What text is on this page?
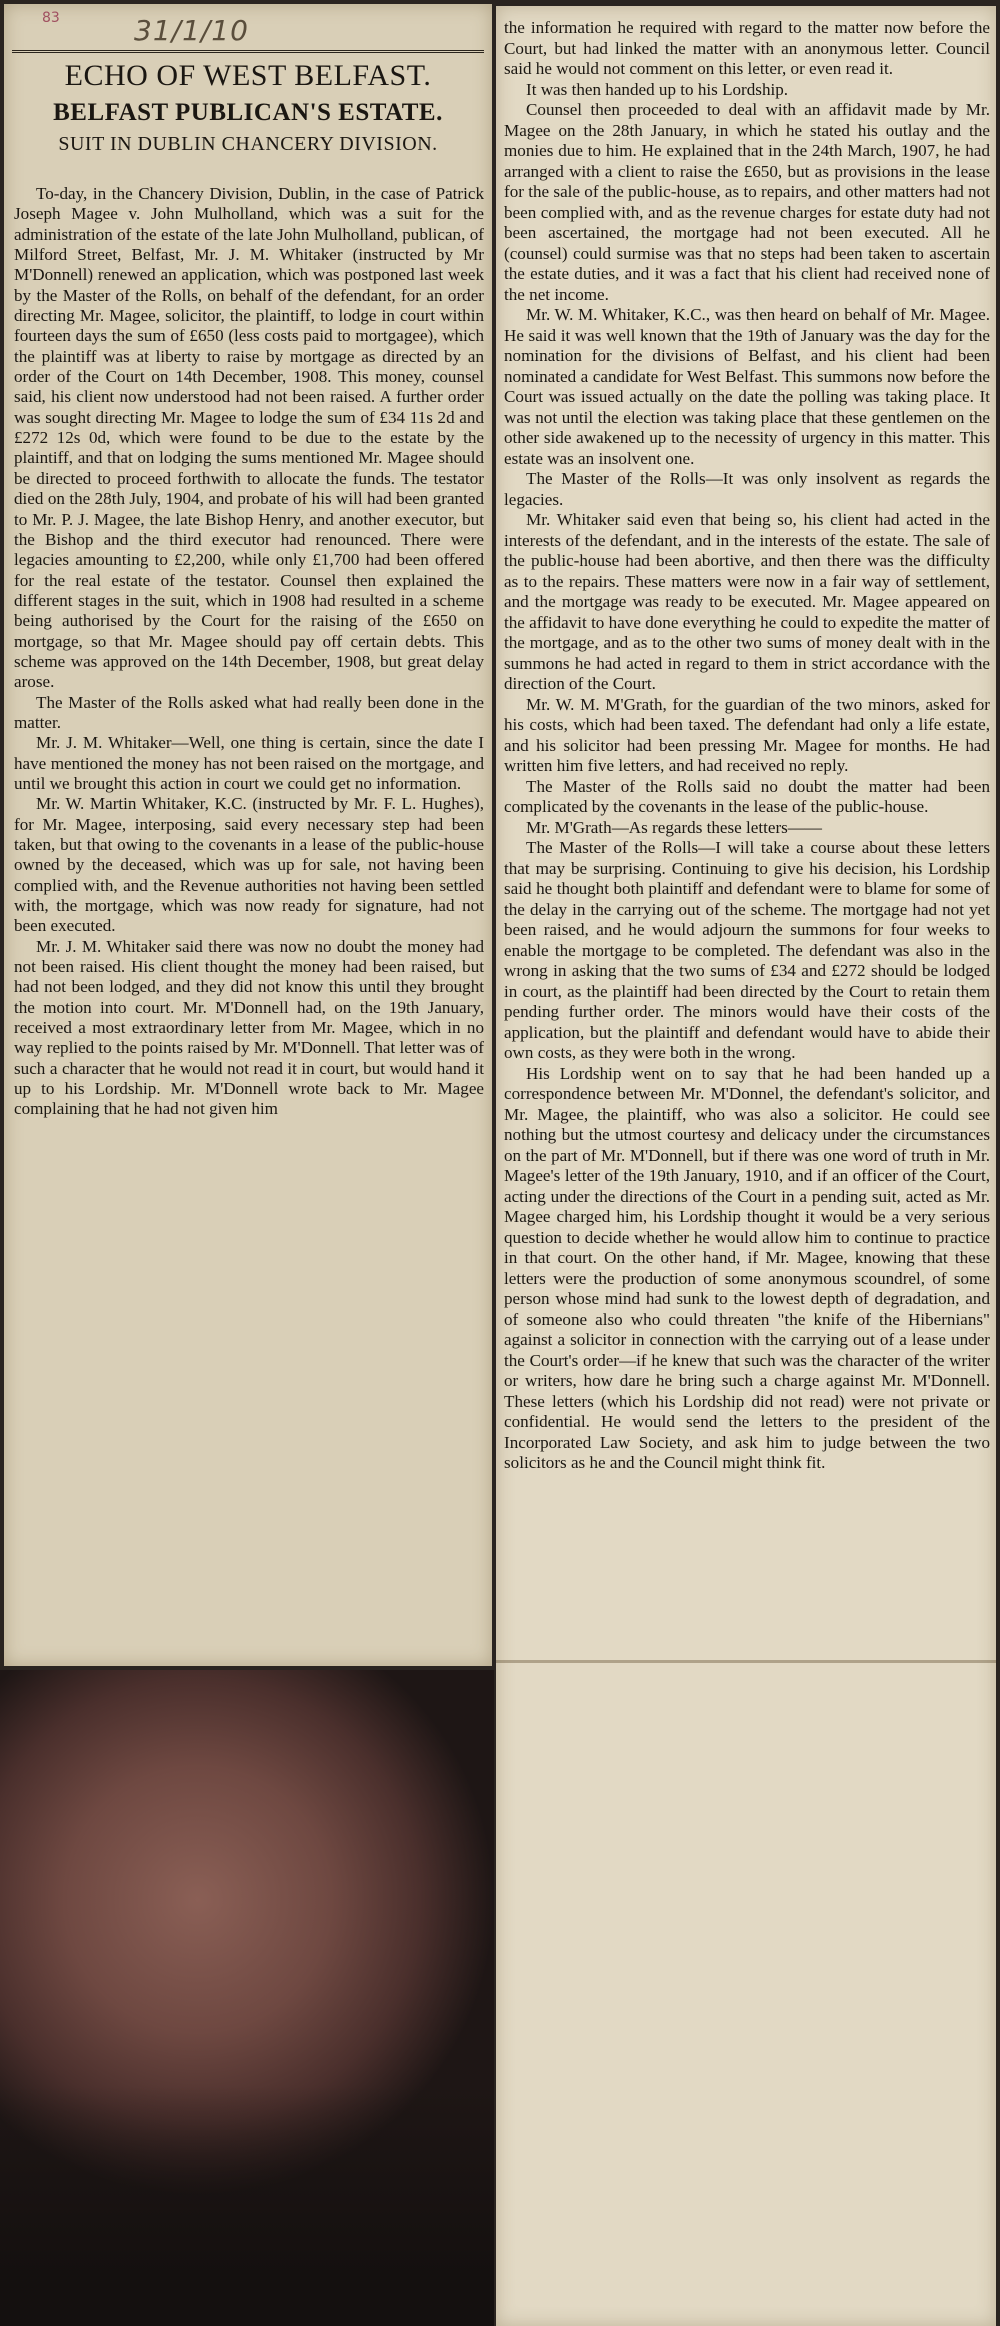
83	31/1/10
ECHO OF WEST BELFAST.
BELFAST PUBLICAN'S ESTATE.
SUIT IN DUBLIN CHANCERY DIVISION.

To-day, in the Chancery Division, Dublin, in the case of Patrick Joseph Magee v. John Mulholland, which was a suit for the administration of the estate of the late John Mulholland, publican, of Milford Street, Belfast, Mr. J. M. Whitaker (instructed by Mr M'Donnell) renewed an application, which was postponed last week by the Master of the Rolls, on behalf of the defendant, for an order directing Mr. Magee, solicitor, the plaintiff, to lodge in court within fourteen days the sum of £650 (less costs paid to mortgagee), which the plaintiff was at liberty to raise by mortgage as directed by an order of the Court on 14th December, 1908. This money, counsel said, his client now understood had not been raised. A further order was sought directing Mr. Magee to lodge the sum of £34 11s 2d and £272 12s 0d, which were found to be due to the estate by the plaintiff, and that on lodging the sums mentioned Mr. Magee should be directed to proceed forthwith to allocate the funds. The testator died on the 28th July, 1904, and probate of his will had been granted to Mr. P. J. Magee, the late Bishop Henry, and another executor, but the Bishop and the third executor had renounced. There were legacies amounting to £2,200, while only £1,700 had been offered for the real estate of the testator. Counsel then explained the different stages in the suit, which in 1908 had resulted in a scheme being authorised by the Court for the raising of the £650 on mortgage, so that Mr. Magee should pay off certain debts. This scheme was approved on the 14th December, 1908, but great delay arose.

The Master of the Rolls asked what had really been done in the matter.

Mr. J. M. Whitaker—Well, one thing is certain, since the date I have mentioned the money has not been raised on the mortgage, and until we brought this action in court we could get no information.

Mr. W. Martin Whitaker, K.C. (instructed by Mr. F. L. Hughes), for Mr. Magee, interposing, said every necessary step had been taken, but that owing to the covenants in a lease of the public-house owned by the deceased, which was up for sale, not having been complied with, and the Revenue authorities not having been settled with, the mortgage, which was now ready for signature, had not been executed.

Mr. J. M. Whitaker said there was now no doubt the money had not been raised. His client thought the money had been raised, but had not been lodged, and they did not know this until they brought the motion into court. Mr. M'Donnell had, on the 19th January, received a most extraordinary letter from Mr. Magee, which in no way replied to the points raised by Mr. M'Donnell. That letter was of such a character that he would not read it in court, but would hand it up to his Lordship. Mr. M'Donnell wrote back to Mr. Magee complaining that he had not given him

the information he required with regard to the matter now before the Court, but had linked the matter with an anonymous letter. Council said he would not comment on this letter, or even read it.

It was then handed up to his Lordship.

Counsel then proceeded to deal with an affidavit made by Mr. Magee on the 28th January, in which he stated his outlay and the monies due to him. He explained that in the 24th March, 1907, he had arranged with a client to raise the £650, but as provisions in the lease for the sale of the public-house, as to repairs, and other matters had not been complied with, and as the revenue charges for estate duty had not been ascertained, the mortgage had not been executed. All he (counsel) could surmise was that no steps had been taken to ascertain the estate duties, and it was a fact that his client had received none of the net income.

Mr. W. M. Whitaker, K.C., was then heard on behalf of Mr. Magee. He said it was well known that the 19th of January was the day for the nomination for the divisions of Belfast, and his client had been nominated a candidate for West Belfast. This summons now before the Court was issued actually on the date the polling was taking place. It was not until the election was taking place that these gentlemen on the other side awakened up to the necessity of urgency in this matter. This estate was an insolvent one.

The Master of the Rolls—It was only insolvent as regards the legacies.

Mr. Whitaker said even that being so, his client had acted in the interests of the defendant, and in the interests of the estate. The sale of the public-house had been abortive, and then there was the difficulty as to the repairs. These matters were now in a fair way of settlement, and the mortgage was ready to be executed. Mr. Magee appeared on the affidavit to have done everything he could to expedite the matter of the mortgage, and as to the other two sums of money dealt with in the summons he had acted in regard to them in strict accordance with the direction of the Court.

Mr. W. M. M'Grath, for the guardian of the two minors, asked for his costs, which had been taxed. The defendant had only a life estate, and his solicitor had been pressing Mr. Magee for months. He had written him five letters, and had received no reply.

The Master of the Rolls said no doubt the matter had been complicated by the covenants in the lease of the public-house.

Mr. M'Grath—As regards these letters——

The Master of the Rolls—I will take a course about these letters that may be surprising. Continuing to give his decision, his Lordship said he thought both plaintiff and defendant were to blame for some of the delay in the carrying out of the scheme. The mortgage had not yet been raised, and he would adjourn the summons for four weeks to enable the mortgage to be completed. The defendant was also in the wrong in asking that the two sums of £34 and £272 should be lodged in court, as the plaintiff had been directed by the Court to retain them pending further order. The minors would have their costs of the application, but the plaintiff and defendant would have to abide their own costs, as they were both in the wrong.

His Lordship went on to say that he had been handed up a correspondence between Mr. M'Donnel, the defendant's solicitor, and Mr. Magee, the plaintiff, who was also a solicitor. He could see nothing but the utmost courtesy and delicacy under the circumstances on the part of Mr. M'Donnell, but if there was one word of truth in Mr. Magee's letter of the 19th January, 1910, and if an officer of the Court, acting under the directions of the Court in a pending suit, acted as Mr. Magee charged him, his Lordship thought it would be a very serious question to decide whether he would allow him to continue to practice in that court. On the other hand, if Mr. Magee, knowing that these letters were the production of some anonymous scoundrel, of some person whose mind had sunk to the lowest depth of degradation, and of someone also who could threaten "the knife of the Hibernians" against a solicitor in connection with the carrying out of a lease under the Court's order—if he knew that such was the character of the writer or writers, how dare he bring such a charge against Mr. M'Donnell. These letters (which his Lordship did not read) were not private or confidential. He would send the letters to the president of the Incorporated Law Society, and ask him to judge between the two solicitors as he and the Council might think fit.
